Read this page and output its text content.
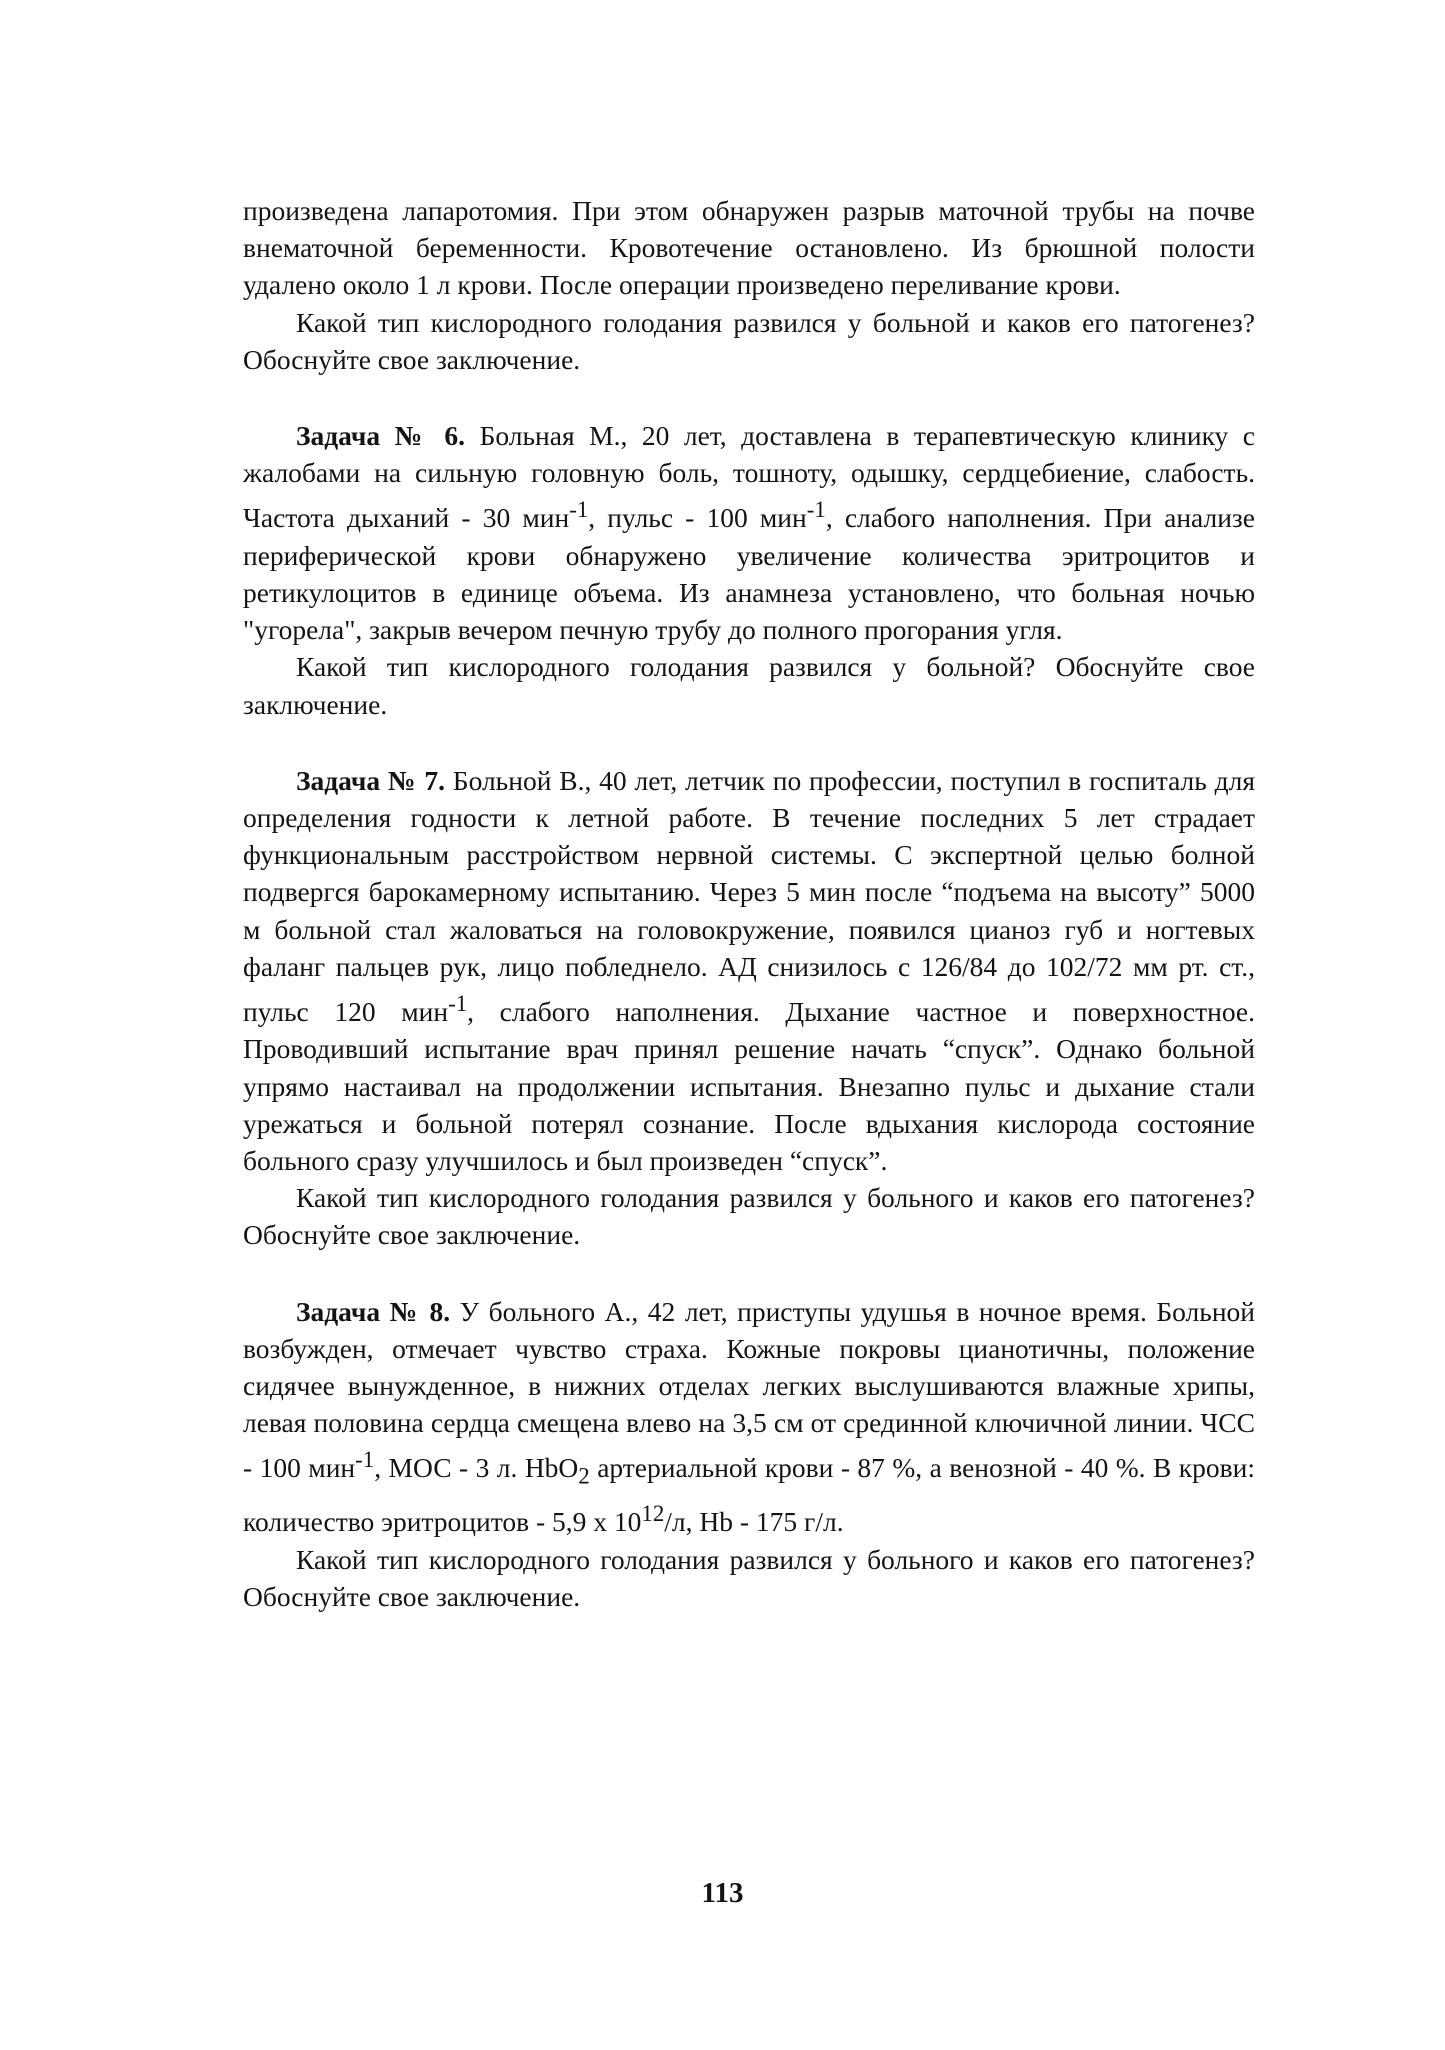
произведена лапаротомия. При этом обнаружен разрыв маточной трубы на почве внематочной беременности. Кровотечение остановлено. Из брюшной полости удалено около 1 л крови. После операции произведено переливание крови.

Какой тип кислородного голодания развился у больной и каков его патогенез? Обоснуйте свое заключение.

Задача № 6. Больная М., 20 лет, доставлена в терапевтическую клинику с жалобами на сильную головную боль, тошноту, одышку, сердцебиение, слабость. Частота дыханий - 30 мин$^{-1}$, пульс - 100 мин$^{-1}$, слабого наполнения. При анализе периферической крови обнаружено увеличение количества эритроцитов и ретикулоцитов в единице объема. Из анамнеза установлено, что больная ночью "угорела", закрыв вечером печную трубу до полного прогорания угля.

Какой тип кислородного голодания развился у больной? Обоснуйте свое заключение.

Задача № 7. Больной В., 40 лет, летчик по профессии, поступил в госпиталь для определения годности к летной работе. В течение последних 5 лет страдает функциональным расстройством нервной системы. С экспертной целью болной подвергся барокамерному испытанию. Через 5 мин после “подъема на высоту” 5000 м больной стал жаловаться на головокружение, появился цианоз губ и ногтевых фаланг пальцев рук, лицо побледнело. АД снизилось с 126/84 до 102/72 мм рт. ст., пульс 120 мин$^{-1}$, слабого наполнения. Дыхание частное и поверхностное. Проводивший испытание врач принял решение начать “спуск”. Однако больной упрямо настаивал на продолжении испытания. Внезапно пульс и дыхание стали урежаться и больной потерял сознание. После вдыхания кислорода состояние больного сразу улучшилось и был произведен “спуск”.

Какой тип кислородного голодания развился у больного и каков его патогенез? Обоснуйте свое заключение.

Задача № 8. У больного А., 42 лет, приступы удушья в ночное время. Больной возбужден, отмечает чувство страха. Кожные покровы цианотичны, положение сидячее вынужденное, в нижних отделах легких выслушиваются влажные хрипы, левая половина сердца смещена влево на 3,5 см от срединной ключичной линии. ЧСС - 100 мин$^{-1}$, МОС - 3 л. HbO$_2$ артериальной крови - 87 %, а венозной - 40 %. В крови: количество эритроцитов - 5,9 x $10^{12}/л$, Hb - 175 г/л.

Какой тип кислородного голодания развился у больного и каков его патогенез? Обоснуйте свое заключение.

113
